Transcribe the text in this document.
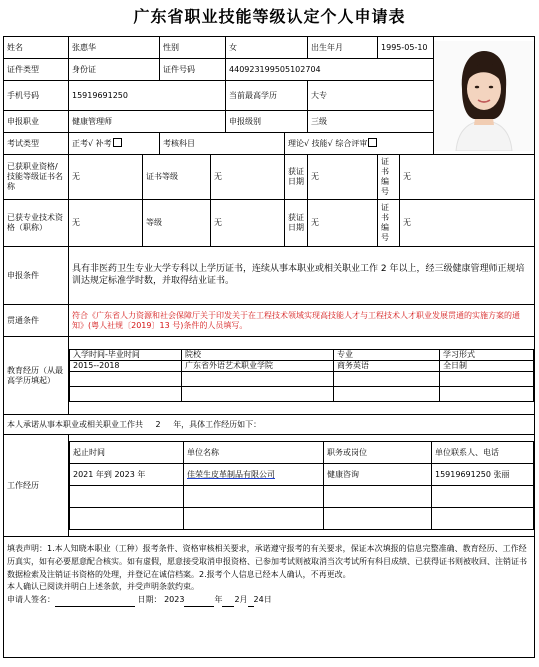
广东省职业技能等级认定个人申请表
姓名	张惠华	性别	女	出生年月	1995-05-10	

证件类型	身份证	证件号码	440923199505102704
手机号码	15919691250	当前最高学历	大专
申报职业	健康管理师	申报级别	三级
考试类型	正考√ 补考	考核科目	理论√ 技能√ 综合评审
已获职业资格/技能等级证书名称	无	证书等级	无	获证日期	无	证书编号	无
已获专业技术资格（职称）	无	等级	无	获证日期	无	证书编号	无
申报条件	具有非医药卫生专业大学专科以上学历证书，连续从事本职业或相关职业工作 2 年以上，经三级健康管理师正规培训达规定标准学时数，并取得结业证书。
贯通条件	符合《广东省人力资源和社会保障厅关于印发关于在工程技术领域实现高技能人才与工程技术人才职业发展贯通的实施方案的通知》(粤人社规〔2019〕13 号)条件的人员填写。
教育经历（从最高学历填起）	
入学时间-毕业时间	院校	专业	学习形式
2015--2018	广东省外语艺术职业学院	商务英语	全日制

本人承诺从事本职业或相关职业工作共 2 年，具体工作经历如下：
工作经历	
起止时间	单位名称	职务或岗位	单位联系人、电话
2021 年到 2023 年	佳荣生皮革制品有限公司	健康咨询	15919691250 张丽

填表声明：1.本人知晓本职业（工种）报考条件、资格审核相关要求，承诺遵守报考的有关要求，保证本次填报的信息完整准确、教育经历、工作经历真实，如有必要愿意配合核实。如有虚假，愿意接受取消申报资格、已参加考试则被取消当次考试所有科目成绩、已获得证书则被收回、注销证书数据检索及注销证书资格的处理，并登记在诚信档案。2.报考个人信息已经本人确认，不再更改。
本人确认已阅读并明白上述条款，并受声明条款约束。
申请人签名：	日期： 2023	年 2月 24日
